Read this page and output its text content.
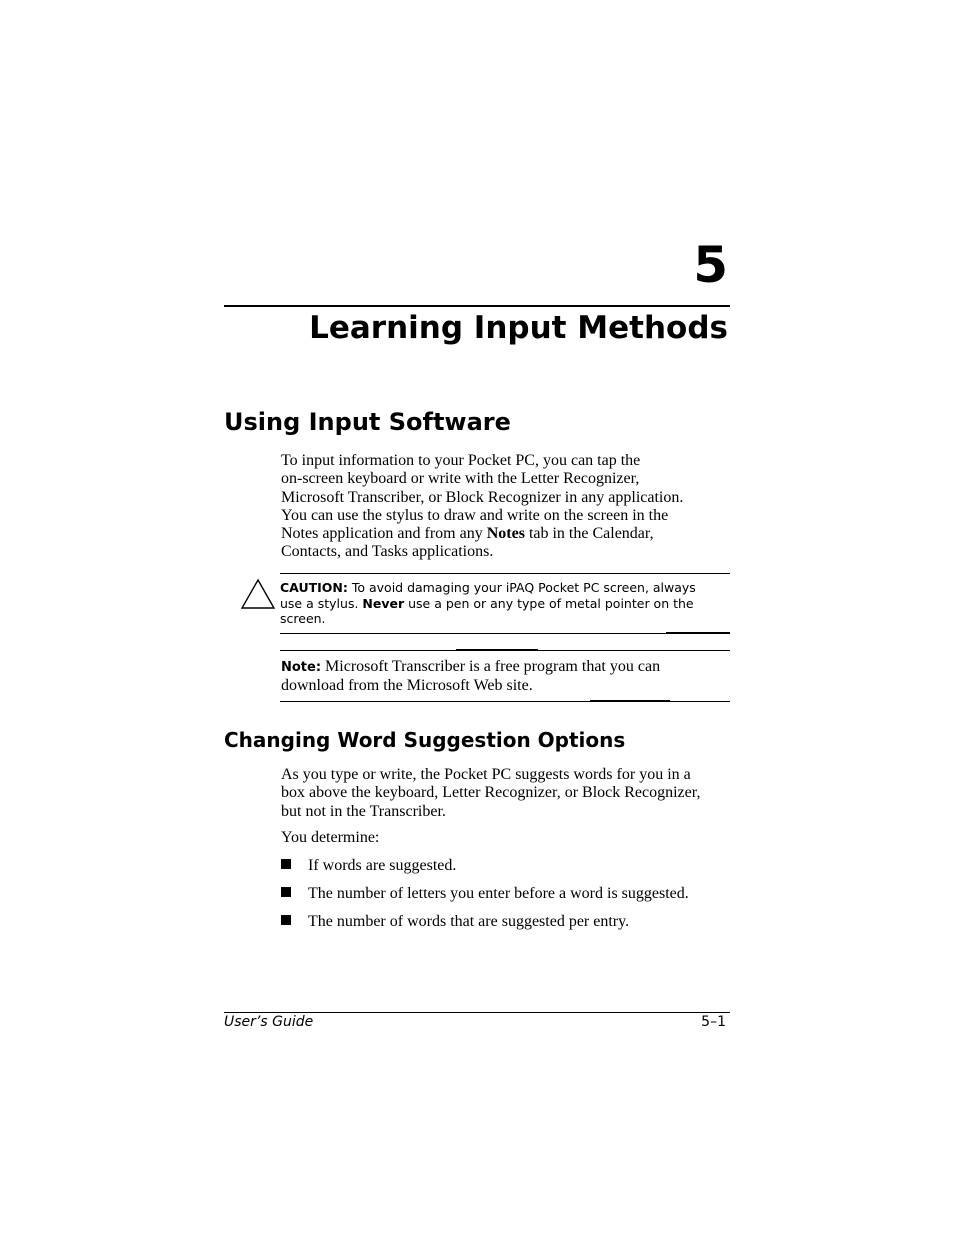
5
Learning Input Methods
Using Input Software
To input information to your Pocket PC, you can tap the
on-screen keyboard or write with the Letter Recognizer,
Microsoft Transcriber, or Block Recognizer in any application.
You can use the stylus to draw and write on the screen in the
Notes application and from any Notes tab in the Calendar,
Contacts, and Tasks applications.
CAUTION: To avoid damaging your iPAQ Pocket PC screen, always
use a stylus. Never use a pen or any type of metal pointer on the
screen.
Note: Microsoft Transcriber is a free program that you can
download from the Microsoft Web site.
Changing Word Suggestion Options
As you type or write, the Pocket PC suggests words for you in a
box above the keyboard, Letter Recognizer, or Block Recognizer,
but not in the Transcriber.
You determine:
If words are suggested.
The number of letters you enter before a word is suggested.
The number of words that are suggested per entry.
User’s Guide	5–1
